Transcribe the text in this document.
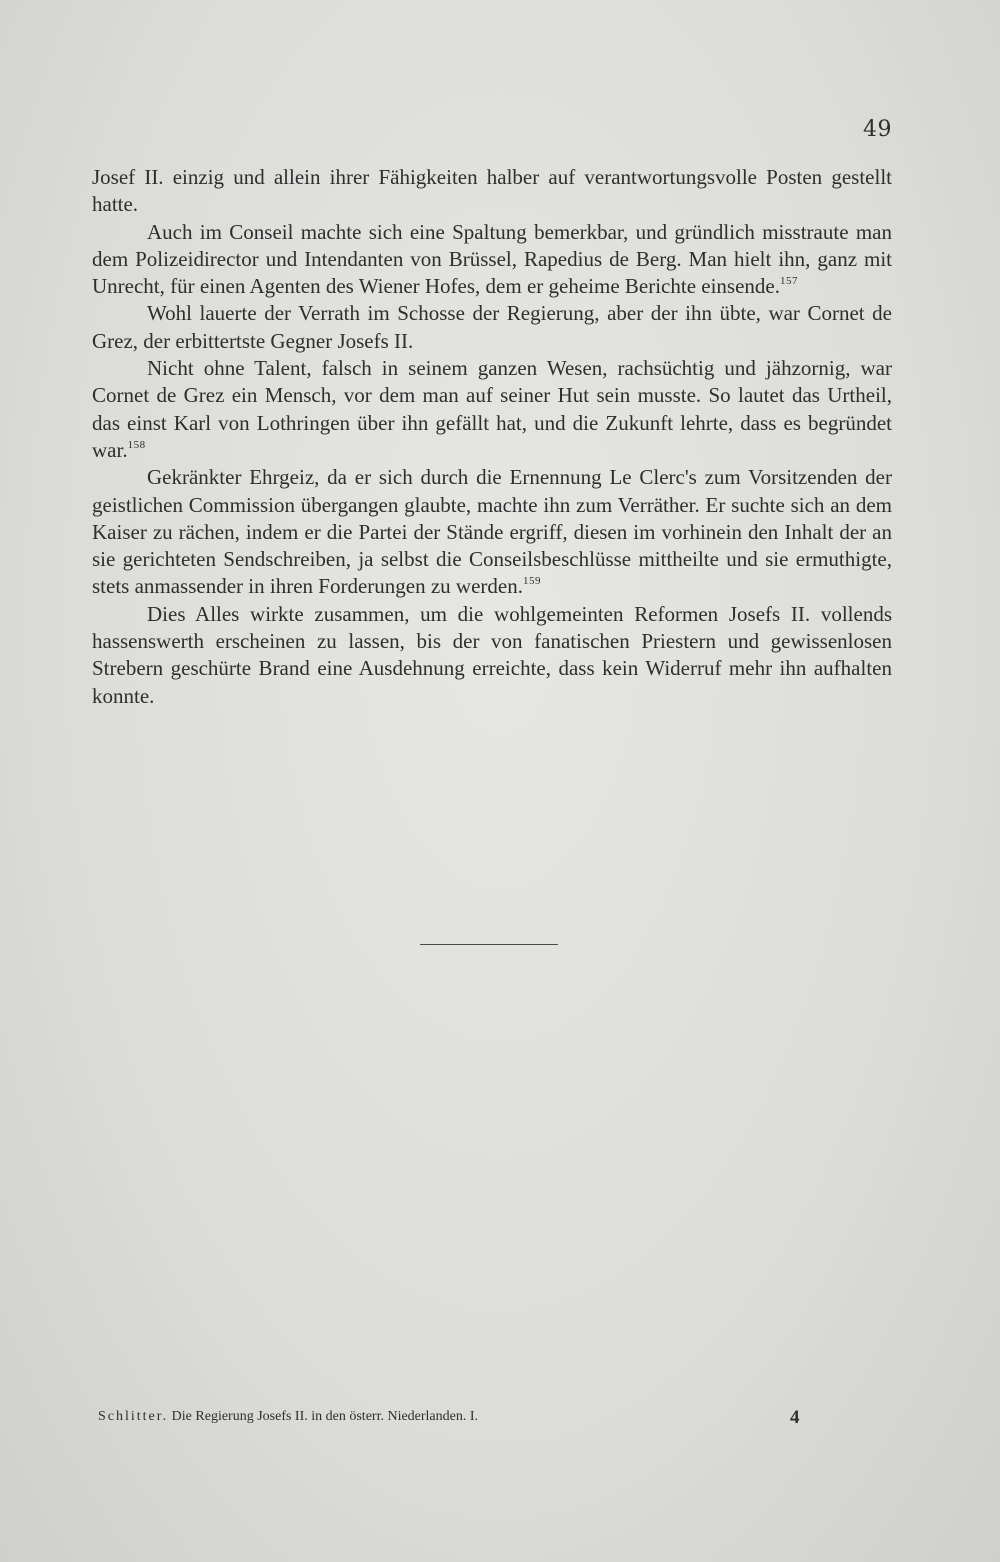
49

Josef II. einzig und allein ihrer Fähigkeiten halber auf verantwortungsvolle Posten gestellt hatte.

Auch im Conseil machte sich eine Spaltung bemerkbar, und gründlich misstraute man dem Polizeidirector und Intendanten von Brüssel, Rapedius de Berg. Man hielt ihn, ganz mit Unrecht, für einen Agenten des Wiener Hofes, dem er geheime Berichte einsende.$^{157}$

Wohl lauerte der Verrath im Schosse der Regierung, aber der ihn übte, war Cornet de Grez, der erbittertste Gegner Josefs II.

Nicht ohne Talent, falsch in seinem ganzen Wesen, rachsüchtig und jähzornig, war Cornet de Grez ein Mensch, vor dem man auf seiner Hut sein musste. So lautet das Urtheil, das einst Karl von Lothringen über ihn gefällt hat, und die Zukunft lehrte, dass es begründet war.$^{158}$

Gekränkter Ehrgeiz, da er sich durch die Ernennung Le Clerc's zum Vorsitzenden der geistlichen Commission übergangen glaubte, machte ihn zum Verräther. Er suchte sich an dem Kaiser zu rächen, indem er die Partei der Stände ergriff, diesen im vorhinein den Inhalt der an sie gerichteten Sendschreiben, ja selbst die Conseilsbeschlüsse mittheilte und sie ermuthigte, stets anmassender in ihren Forderungen zu werden.$^{159}$

Dies Alles wirkte zusammen, um die wohlgemeinten Reformen Josefs II. vollends hassenswerth erscheinen zu lassen, bis der von fanatischen Priestern und gewissenlosen Strebern geschürte Brand eine Ausdehnung erreichte, dass kein Widerruf mehr ihn aufhalten konnte.

Schlitter. Die Regierung Josefs II. in den österr. Niederlanden. I.	4
